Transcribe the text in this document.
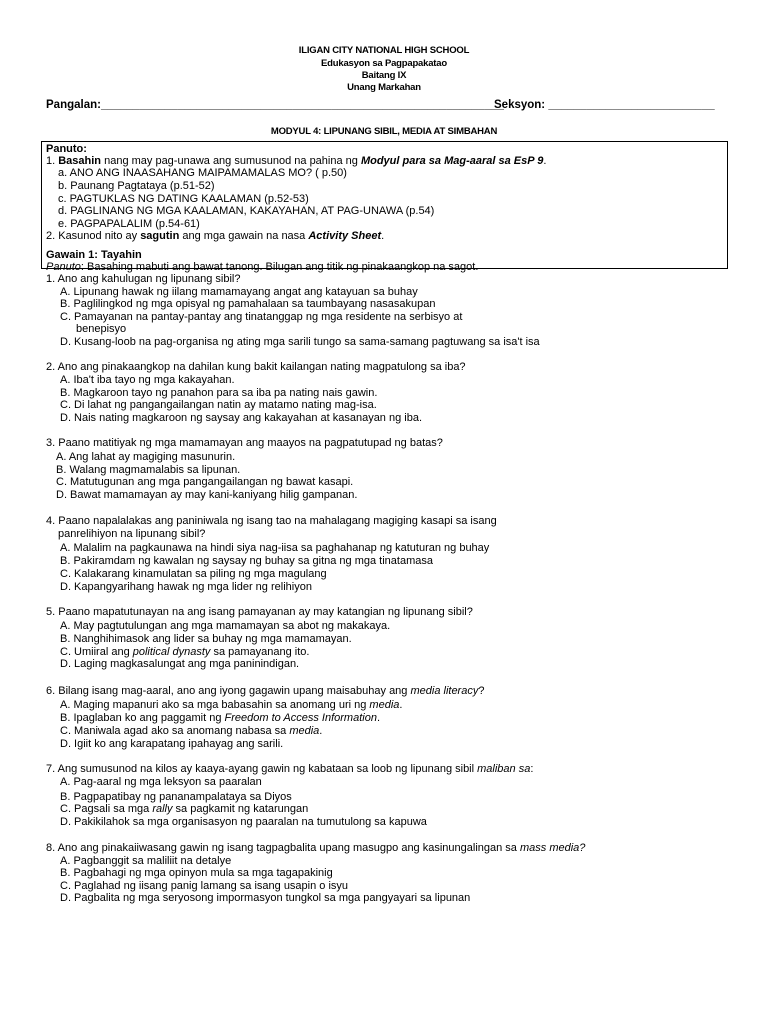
ILIGAN CITY NATIONAL HIGH SCHOOL
Edukasyon sa Pagpapakatao
Baitang IX
Unang Markahan
Pangalan:_______________________________________________________________
Seksyon: __________________________
MODYUL 4: LIPUNANG SIBIL, MEDIA AT SIMBAHAN
Panuto:
1. Basahin nang may pag-unawa ang sumusunod na pahina ng Modyul para sa Mag-aaral sa EsP 9.
a. ANO ANG INAASAHANG MAIPAMAMALAS MO? ( p.50)
b. Paunang Pagtataya (p.51-52)
c. PAGTUKLAS NG DATING KAALAMAN (p.52-53)
d. PAGLINANG NG MGA KAALAMAN, KAKAYAHAN, AT PAG-UNAWA (p.54)
e. PAGPAPALALIM (p.54-61)
2. Kasunod nito ay sagutin ang mga gawain na nasa Activity Sheet.
Gawain 1: Tayahin
Panuto: Basahing mabuti ang bawat tanong. Bilugan ang titik ng pinakaangkop na sagot.
1. Ano ang kahulugan ng lipunang sibil?
A. Lipunang hawak ng iilang mamamayang angat ang katayuan sa buhay
B. Paglilingkod ng mga opisyal ng pamahalaan sa taumbayang nasasakupan
C. Pamayanan na pantay-pantay ang tinatanggap ng mga residente na serbisyo at
benepisyo
D. Kusang-loob na pag-organisa ng ating mga sarili tungo sa sama-samang pagtuwang sa isa't isa
2. Ano ang pinakaangkop na dahilan kung bakit kailangan nating magpatulong sa iba?
A. Iba't iba tayo ng mga kakayahan.
B. Magkaroon tayo ng panahon para sa iba pa nating nais gawin.
C. Di lahat ng pangangailangan natin ay matamo nating mag-isa.
D. Nais nating magkaroon ng saysay ang kakayahan at kasanayan ng iba.
3. Paano matitiyak ng mga mamamayan ang maayos na pagpatutupad ng batas?
A. Ang lahat ay magiging masunurin.
B. Walang magmamalabis sa lipunan.
C. Matutugunan ang mga pangangailangan ng bawat kasapi.
D. Bawat mamamayan ay may kani-kaniyang hilig gampanan.
4. Paano napalalakas ang paniniwala ng isang tao na mahalagang magiging kasapi sa isang
panrelihiyon na lipunang sibil?
A. Malalim na pagkaunawa na hindi siya nag-iisa sa paghahanap ng katuturan ng buhay
B. Pakiramdam ng kawalan ng saysay ng buhay sa gitna ng mga tinatamasa
C. Kalakarang kinamulatan sa piling ng mga magulang
D. Kapangyarihang hawak ng mga lider ng relihiyon
5. Paano mapatutunayan na ang isang pamayanan ay may katangian ng lipunang sibil?
A. May pagtutulungan ang mga mamamayan sa abot ng makakaya.
B. Nanghihimasok ang lider sa buhay ng mga mamamayan.
C. Umiiral ang political dynasty sa pamayanang ito.
D. Laging magkasalungat ang mga paninindigan.
6. Bilang isang mag-aaral, ano ang iyong gagawin upang maisabuhay ang media literacy?
A. Maging mapanuri ako sa mga babasahin sa anomang uri ng media.
B. Ipaglaban ko ang paggamit ng Freedom to Access Information.
C. Maniwala agad ako sa anomang nabasa sa media.
D. Igiit ko ang karapatang ipahayag ang sarili.
7. Ang sumusunod na kilos ay kaaya-ayang gawin ng kabataan sa loob ng lipunang sibil maliban sa:
A. Pag-aaral ng mga leksyon sa paaralan
B. Pagpapatibay ng pananampalataya sa Diyos
C. Pagsali sa mga rally sa pagkamit ng katarungan
D. Pakikilahok sa mga organisasyon ng paaralan na tumutulong sa kapuwa
8. Ano ang pinakaiiwasang gawin ng isang tagpagbalita upang masugpo ang kasinungalingan sa mass media?
A. Pagbanggit sa maliliit na detalye
B. Pagbahagi ng mga opinyon mula sa mga tagapakinig
C. Paglahad ng iisang panig lamang sa isang usapin o isyu
D. Pagbalita ng mga seryosong impormasyon tungkol sa mga pangyayari sa lipunan
